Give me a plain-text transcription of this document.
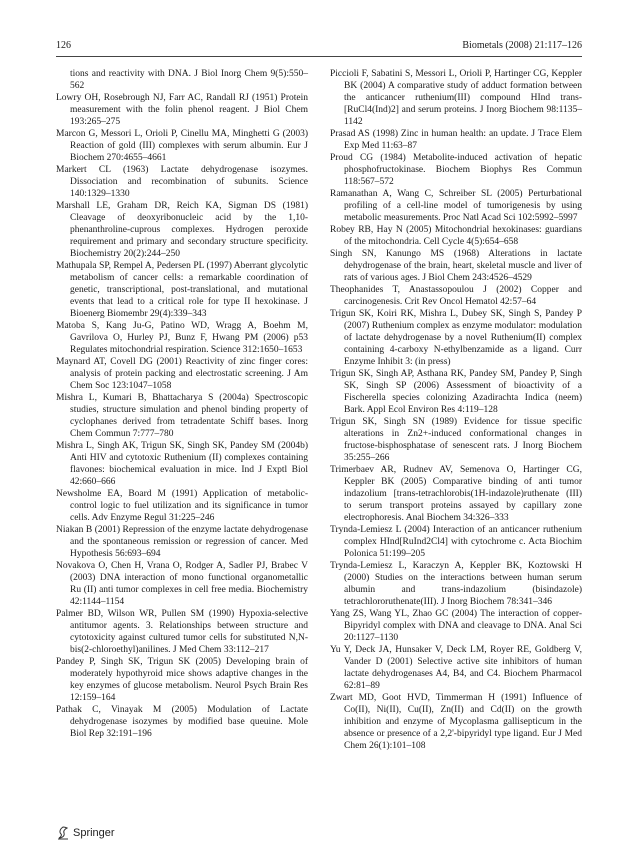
126	Biometals (2008) 21:117–126

tions and reactivity with DNA. J Biol Inorg Chem 9(5):550–562

Lowry OH, Rosebrough NJ, Farr AC, Randall RJ (1951) Protein measurement with the folin phenol reagent. J Biol Chem 193:265–275

Marcon G, Messori L, Orioli P, Cinellu MA, Minghetti G (2003) Reaction of gold (III) complexes with serum albumin. Eur J Biochem 270:4655–4661

Markert CL (1963) Lactate dehydrogenase isozymes. Dissociation and recombination of subunits. Science 140:1329–1330

Marshall LE, Graham DR, Reich KA, Sigman DS (1981) Cleavage of deoxyribonucleic acid by the 1,10-phenanthroline-cuprous complexes. Hydrogen peroxide requirement and primary and secondary structure specificity. Biochemistry 20(2):244–250

Mathupala SP, Rempel A, Pedersen PL (1997) Aberrant glycolytic metabolism of cancer cells: a remarkable coordination of genetic, transcriptional, post-translational, and mutational events that lead to a critical role for type II hexokinase. J Bioenerg Biomembr 29(4):339–343

Matoba S, Kang Ju-G, Patino WD, Wragg A, Boehm M, Gavrilova O, Hurley PJ, Bunz F, Hwang PM (2006) p53 Regulates mitochondrial respiration. Science 312:1650–1653

Maynard AT, Covell DG (2001) Reactivity of zinc finger cores: analysis of protein packing and electrostatic screening. J Am Chem Soc 123:1047–1058

Mishra L, Kumari B, Bhattacharya S (2004a) Spectroscopic studies, structure simulation and phenol binding property of cyclophanes derived from tetradentate Schiff bases. Inorg Chem Commun 7:777–780

Mishra L, Singh AK, Trigun SK, Singh SK, Pandey SM (2004b) Anti HIV and cytotoxic Ruthenium (II) complexes containing flavones: biochemical evaluation in mice. Ind J Exptl Biol 42:660–666

Newsholme EA, Board M (1991) Application of metabolic-control logic to fuel utilization and its significance in tumor cells. Adv Enzyme Regul 31:225–246

Niakan B (2001) Repression of the enzyme lactate dehydrogenase and the spontaneous remission or regression of cancer. Med Hypothesis 56:693–694

Novakova O, Chen H, Vrana O, Rodger A, Sadler PJ, Brabec V (2003) DNA interaction of mono functional organometallic Ru (II) anti tumor complexes in cell free media. Biochemistry 42:1144–1154

Palmer BD, Wilson WR, Pullen SM (1990) Hypoxia-selective antitumor agents. 3. Relationships between structure and cytotoxicity against cultured tumor cells for substituted N,N-bis(2-chloroethyl)anilines. J Med Chem 33:112–217

Pandey P, Singh SK, Trigun SK (2005) Developing brain of moderately hypothyroid mice shows adaptive changes in the key enzymes of glucose metabolism. Neurol Psych Brain Res 12:159–164

Pathak C, Vinayak M (2005) Modulation of Lactate dehydrogenase isozymes by modified base queuine. Mole Biol Rep 32:191–196

Piccioli F, Sabatini S, Messori L, Orioli P, Hartinger CG, Keppler BK (2004) A comparative study of adduct formation between the anticancer ruthenium(III) compound HInd trans-[RuCl4(Ind)2] and serum proteins. J Inorg Biochem 98:1135–1142

Prasad AS (1998) Zinc in human health: an update. J Trace Elem Exp Med 11:63–87

Proud CG (1984) Metabolite-induced activation of hepatic phosphofructokinase. Biochem Biophys Res Commun 118:567–572

Ramanathan A, Wang C, Schreiber SL (2005) Perturbational profiling of a cell-line model of tumorigenesis by using metabolic measurements. Proc Natl Acad Sci 102:5992–5997

Robey RB, Hay N (2005) Mitochondrial hexokinases: guardians of the mitochondria. Cell Cycle 4(5):654–658

Singh SN, Kanungo MS (1968) Alterations in lactate dehydrogenase of the brain, heart, skeletal muscle and liver of rats of various ages. J Biol Chem 243:4526–4529

Theophanides T, Anastassopoulou J (2002) Copper and carcinogenesis. Crit Rev Oncol Hematol 42:57–64

Trigun SK, Koiri RK, Mishra L, Dubey SK, Singh S, Pandey P (2007) Ruthenium complex as enzyme modulator: modulation of lactate dehydrogenase by a novel Ruthenium(II) complex containing 4-carboxy N-ethylbenzamide as a ligand. Curr Enzyme Inhibit 3: (in press)

Trigun SK, Singh AP, Asthana RK, Pandey SM, Pandey P, Singh SK, Singh SP (2006) Assessment of bioactivity of a Fischerella species colonizing Azadirachta Indica (neem) Bark. Appl Ecol Environ Res 4:119–128

Trigun SK, Singh SN (1989) Evidence for tissue specific alterations in Zn2+-induced conformational changes in fructose-bisphosphatase of senescent rats. J Inorg Biochem 35:255–266

Trimerbaev AR, Rudnev AV, Semenova O, Hartinger CG, Keppler BK (2005) Comparative binding of anti tumor indazolium [trans-tetrachlorobis(1H-indazole)ruthenate (III) to serum transport proteins assayed by capillary zone electrophoresis. Anal Biochem 34:326–333

Trynda-Lemiesz L (2004) Interaction of an anticancer ruthenium complex HInd[RuInd2Cl4] with cytochrome c. Acta Biochim Polonica 51:199–205

Trynda-Lemiesz L, Karaczyn A, Keppler BK, Koztowski H (2000) Studies on the interactions between human serum albumin and trans-indazolium (bisindazole) tetrachlororuthenate(III). J Inorg Biochem 78:341–346

Yang ZS, Wang YL, Zhao GC (2004) The interaction of copper-Bipyridyl complex with DNA and cleavage to DNA. Anal Sci 20:1127–1130

Yu Y, Deck JA, Hunsaker V, Deck LM, Royer RE, Goldberg V, Vander D (2001) Selective active site inhibitors of human lactate dehydrogenases A4, B4, and C4. Biochem Pharmacol 62:81–89

Zwart MD, Goot HVD, Timmerman H (1991) Influence of Co(II), Ni(II), Cu(II), Zn(II) and Cd(II) on the growth inhibition and enzyme of Mycoplasma gallisepticum in the absence or presence of a 2,2'-bipyridyl type ligand. Eur J Med Chem 26(1):101–108

Springer
